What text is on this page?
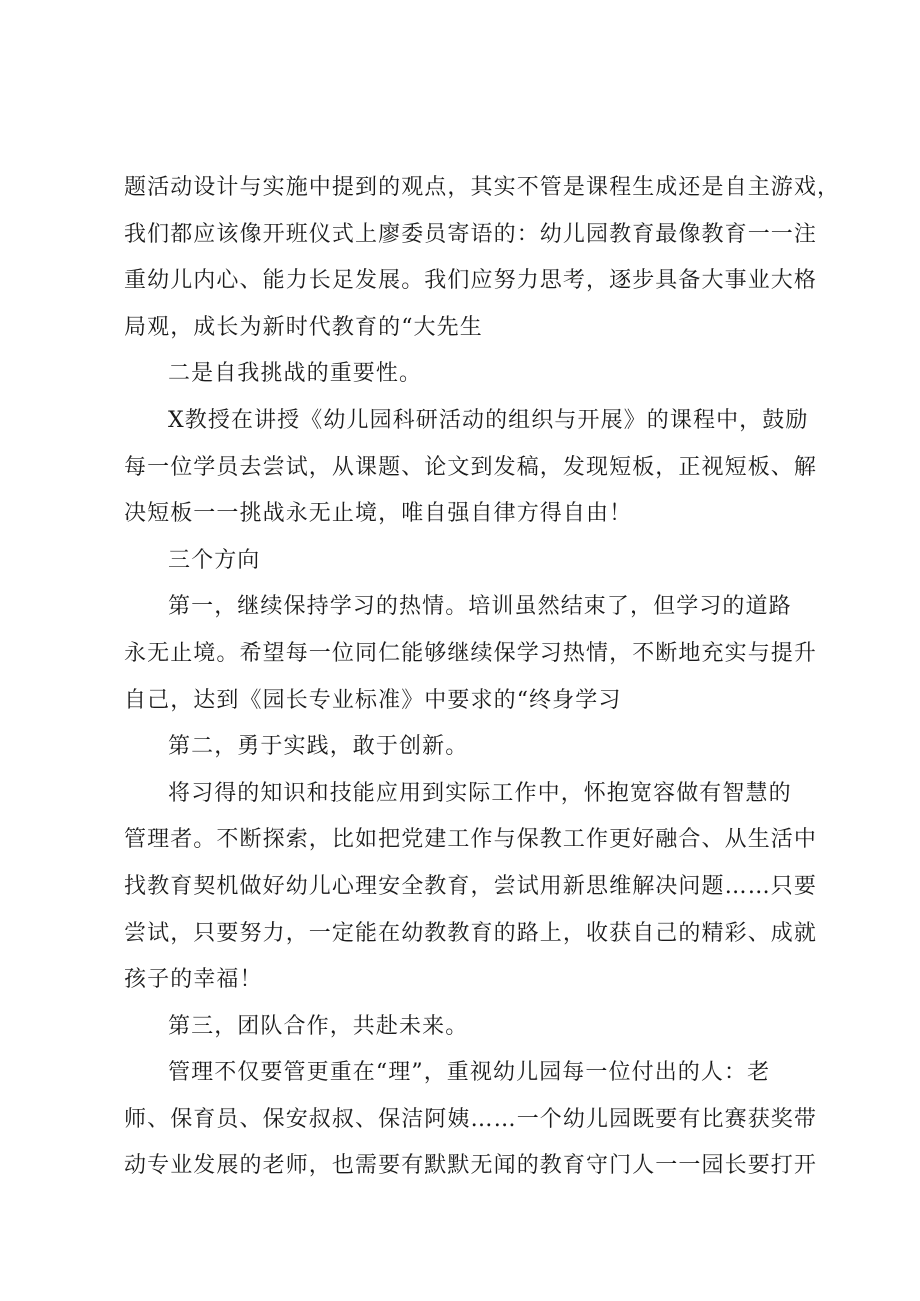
题活动设计与实施中提到的观点，其实不管是课程生成还是自主游戏，
我们都应该像开班仪式上廖委员寄语的：幼儿园教育最像教育一一注
重幼儿内心、能力长足发展。我们应努力思考，逐步具备大事业大格
局观，成长为新时代教育的“大先生
二是自我挑战的重要性。
X教授在讲授《幼儿园科研活动的组织与开展》的课程中，鼓励
每一位学员去尝试，从课题、论文到发稿，发现短板，正视短板、解
决短板一一挑战永无止境，唯自强自律方得自由！
三个方向
第一，继续保持学习的热情。培训虽然结束了，但学习的道路
永无止境。希望每一位同仁能够继续保学习热情，不断地充实与提升
自己，达到《园长专业标准》中要求的“终身学习
第二，勇于实践，敢于创新。
将习得的知识和技能应用到实际工作中，怀抱宽容做有智慧的
管理者。不断探索，比如把党建工作与保教工作更好融合、从生活中
找教育契机做好幼儿心理安全教育，尝试用新思维解决问题……只要
尝试，只要努力，一定能在幼教教育的路上，收获自己的精彩、成就
孩子的幸福！
第三，团队合作，共赴未来。
管理不仅要管更重在“理”，重视幼儿园每一位付出的人：老
师、保育员、保安叔叔、保洁阿姨……一个幼儿园既要有比赛获奖带
动专业发展的老师，也需要有默默无闻的教育守门人一一园长要打开
